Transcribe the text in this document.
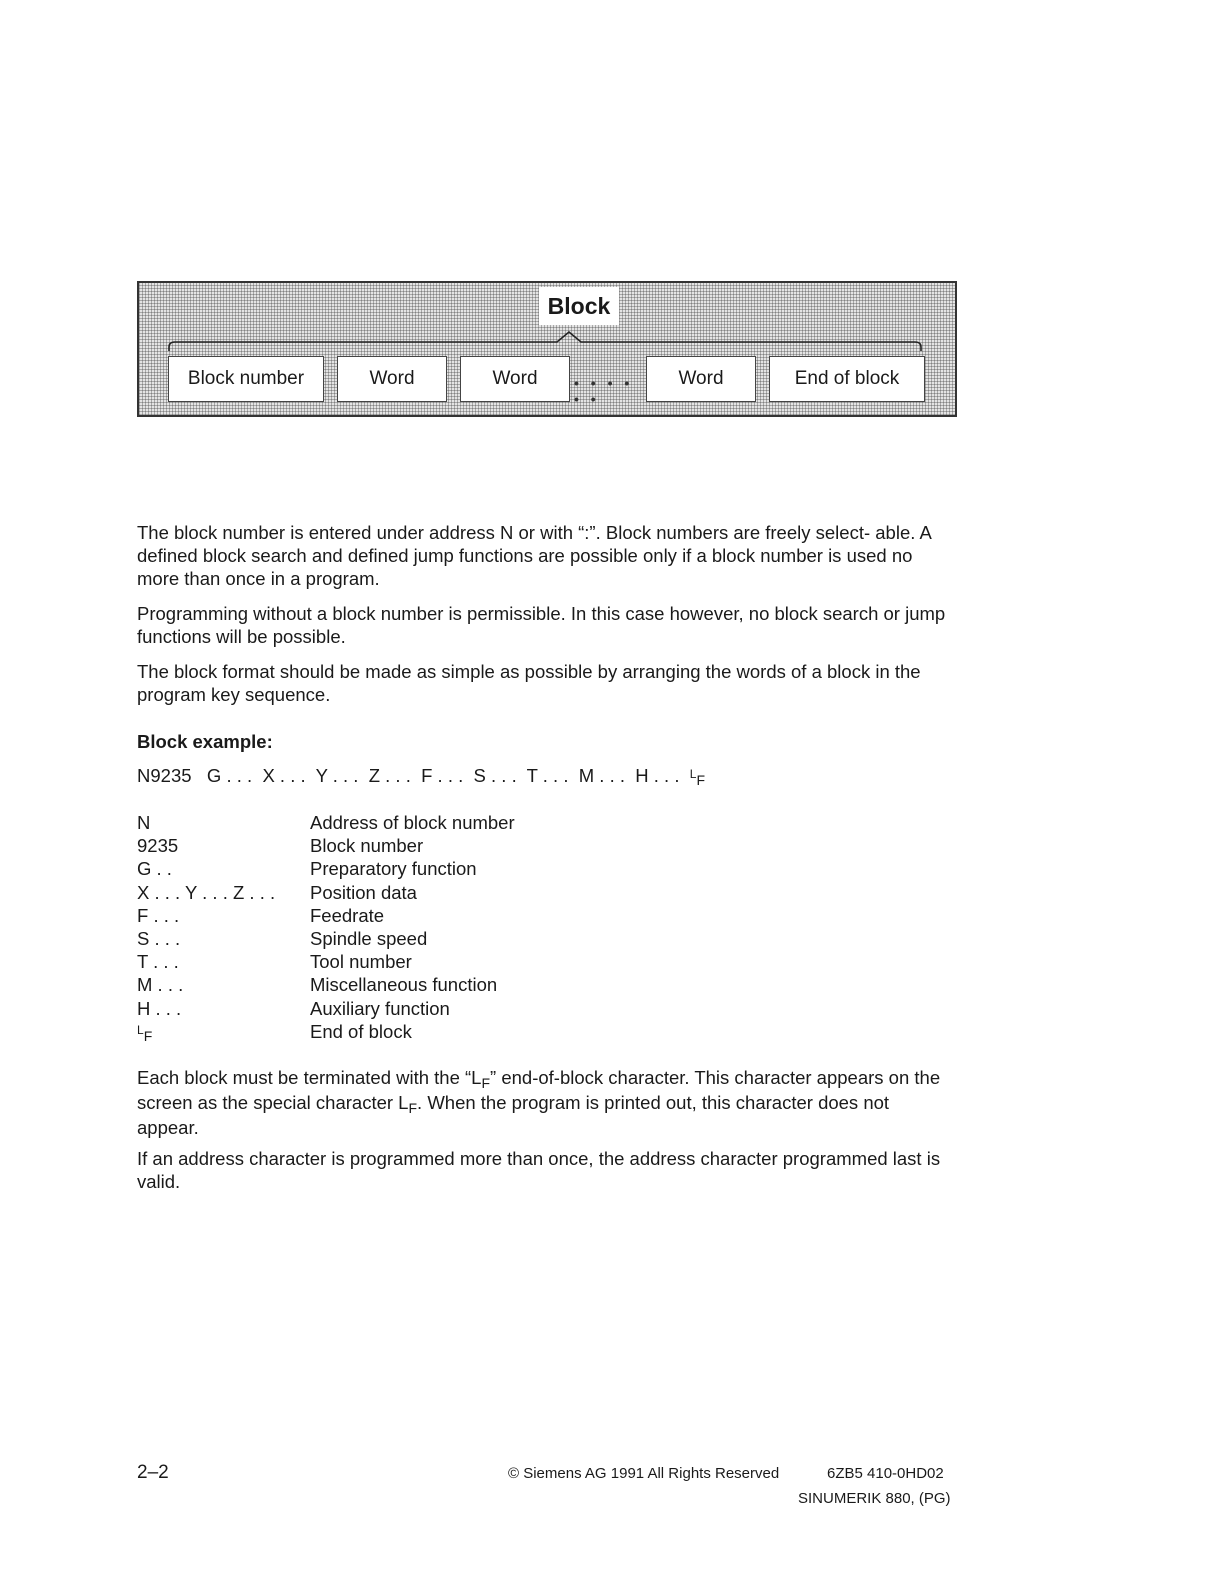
Block
Block number	Word	Word	• • • • • •
Word	End of block

The block number is entered under address N or with “:”. Block numbers are freely select- able. A defined block search and defined jump functions are possible only if a block number is used no more than once in a program.

Programming without a block number is permissible. In this case however, no block search or jump functions will be possible.

The block format should be made as simple as possible by arranging the words of a block in the program key sequence.

Block example:

N9235   G . . .  X . . .  Y . . .  Z . . .  F . . .  S . . .  T . . .  M . . .  H . . .  $^L$F
N	Address of block number
9235	Block number
G . .	Preparatory function
X . . . Y . . . Z . . .	Position data
F . . .	Feedrate
S . . .	Spindle speed
T . . .	Tool number
M . . .	Miscellaneous function
H . . .	Auxiliary function
$^L$F	End of block

Each block must be terminated with the “$L_F$” end-of-block character. This character appears on the screen as the special character $L_F$. When the program is printed out, this character does not appear.

If an address character is programmed more than once, the address character programmed last is valid.

2–2	© Siemens AG 1991 All Rights Reserved	6ZB5 410-0HD02
SINUMERIK 880, (PG)
